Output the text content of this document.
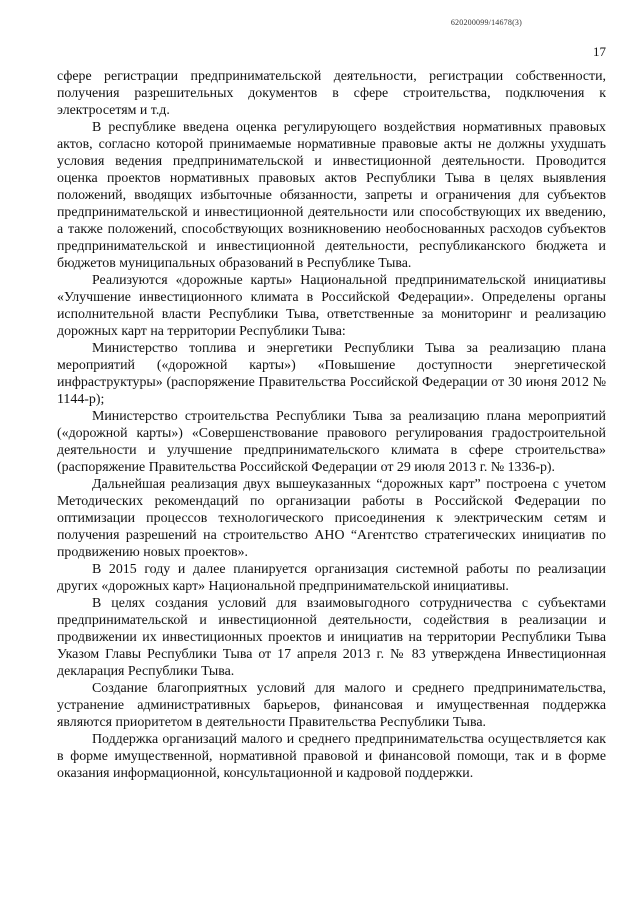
620200099/14678(3)
17

сфере регистрации предпринимательской деятельности, регистрации собственности, получения разрешительных документов в сфере строительства, подключения к электросетям и т.д.

В республике введена оценка регулирующего воздействия нормативных правовых актов, согласно которой принимаемые нормативные правовые акты не должны ухудшать условия ведения предпринимательской и инвестиционной деятельности. Проводится оценка проектов нормативных правовых актов Республики Тыва в целях выявления положений, вводящих избыточные обязанности, запреты и ограничения для субъектов предпринимательской и инвестиционной деятельности или способствующих их введению, а также положений, способствующих возникновению необоснованных расходов субъектов предпринимательской и инвестиционной деятельности, республиканского бюджета и бюджетов муниципальных образований в Республике Тыва.

Реализуются «дорожные карты» Национальной предпринимательской инициативы «Улучшение инвестиционного климата в Российской Федерации». Определены органы исполнительной власти Республики Тыва, ответственные за мониторинг и реализацию дорожных карт на территории Республики Тыва:

Министерство топлива и энергетики Республики Тыва за реализацию плана мероприятий («дорожной карты») «Повышение доступности энергетической инфраструктуры» (распоряжение Правительства Российской Федерации от 30 июня 2012 № 1144-р);

Министерство строительства Республики Тыва за реализацию плана мероприятий («дорожной карты») «Совершенствование правового регулирования градостроительной деятельности и улучшение предпринимательского климата в сфере строительства» (распоряжение Правительства Российской Федерации от 29 июля 2013 г. № 1336-р).

Дальнейшая реализация двух вышеуказанных “дорожных карт” построена с учетом Методических рекомендаций по организации работы в Российской Федерации по оптимизации процессов технологического присоединения к электрическим сетям и получения разрешений на строительство АНО “Агентство стратегических инициатив по продвижению новых проектов».

В 2015 году и далее планируется организация системной работы по реализации других «дорожных карт» Национальной предпринимательской инициативы.

В целях создания условий для взаимовыгодного сотрудничества с субъектами предпринимательской и инвестиционной деятельности, содействия в реализации и продвижении их инвестиционных проектов и инициатив на территории Республики Тыва Указом Главы Республики Тыва от 17 апреля 2013 г. № 83 утверждена Инвестиционная декларация Республики Тыва.

Создание благоприятных условий для малого и среднего предпринимательства, устранение административных барьеров, финансовая и имущественная поддержка являются приоритетом в деятельности Правительства Республики Тыва.

Поддержка организаций малого и среднего предпринимательства осуществляется как в форме имущественной, нормативной правовой и финансовой помощи, так и в форме оказания информационной, консультационной и кадровой поддержки.
